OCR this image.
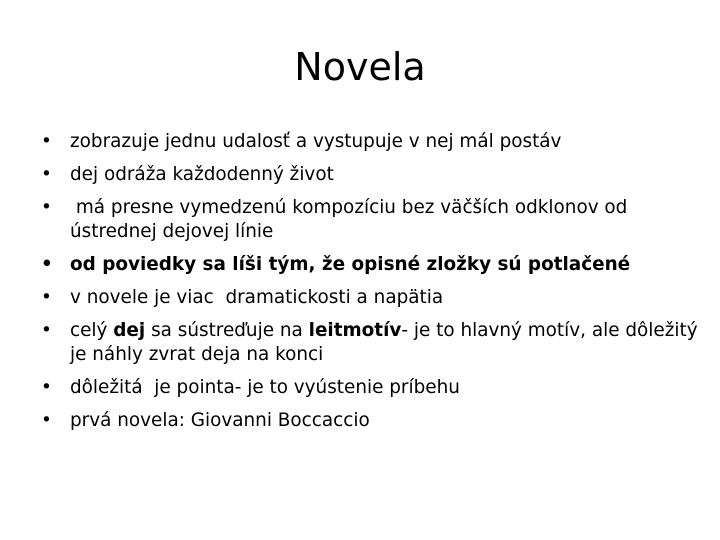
Novela
• zobrazuje jednu udalosť a vystupuje v nej mál postáv
• dej odráža každodenný život
•  má presne vymedzenú kompozíciu bez väčších odklonov od ústrednej dejovej línie
• od poviedky sa líši tým, že opisné zložky sú potlačené
• v novele je viac  dramatickosti a napätia
• celý dej sa sústreďuje na leitmotív- je to hlavný motív, ale dôležitý je náhly zvrat deja na konci
• dôležitá  je pointa- je to vyústenie príbehu
• prvá novela: Giovanni Boccaccio
